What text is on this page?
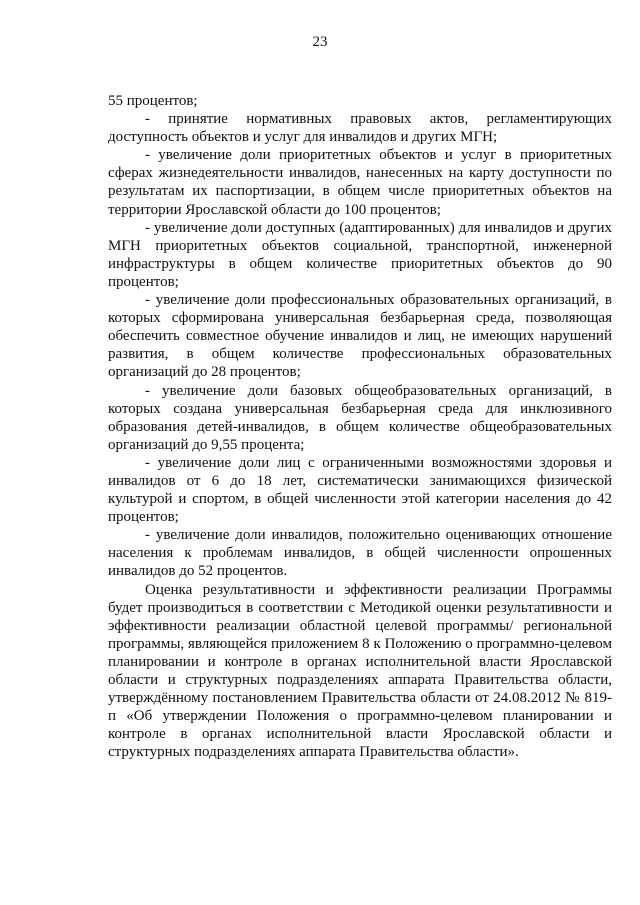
23

55 процентов;

- принятие нормативных правовых актов, регламентирующих доступность объектов и услуг для инвалидов и других МГН;

- увеличение доли приоритетных объектов и услуг в приоритетных сферах жизнедеятельности инвалидов, нанесенных на карту доступности по результатам их паспортизации, в общем числе приоритетных объектов на территории Ярославской области до 100 процентов;

- увеличение доли доступных (адаптированных) для инвалидов и других МГН приоритетных объектов социальной, транспортной, инженерной инфраструктуры в общем количестве приоритетных объектов до 90 процентов;

- увеличение доли профессиональных образовательных организаций, в которых сформирована универсальная безбарьерная среда, позволяющая обеспечить совместное обучение инвалидов и лиц, не имеющих нарушений развития, в общем количестве профессиональных образовательных организаций до 28 процентов;

- увеличение доли базовых общеобразовательных организаций, в которых создана универсальная безбарьерная среда для инклюзивного образования детей-инвалидов, в общем количестве общеобразовательных организаций до 9,55 процента;

- увеличение доли лиц с ограниченными возможностями здоровья и инвалидов от 6 до 18 лет, систематически занимающихся физической культурой и спортом, в общей численности этой категории населения до 42 процентов;

- увеличение доли инвалидов, положительно оценивающих отношение населения к проблемам инвалидов, в общей численности опрошенных инвалидов до 52 процентов.

Оценка результативности и эффективности реализации Программы будет производиться в соответствии с Методикой оценки результативности и эффективности реализации областной целевой программы/ региональной программы, являющейся приложением 8 к Положению о программно-целевом планировании и контроле в органах исполнительной власти Ярославской области и структурных подразделениях аппарата Правительства области, утверждённому постановлением Правительства области от 24.08.2012 № 819-п «Об утверждении Положения о программно-целевом планировании и контроле в органах исполнительной власти Ярославской области и структурных подразделениях аппарата Правительства области».
